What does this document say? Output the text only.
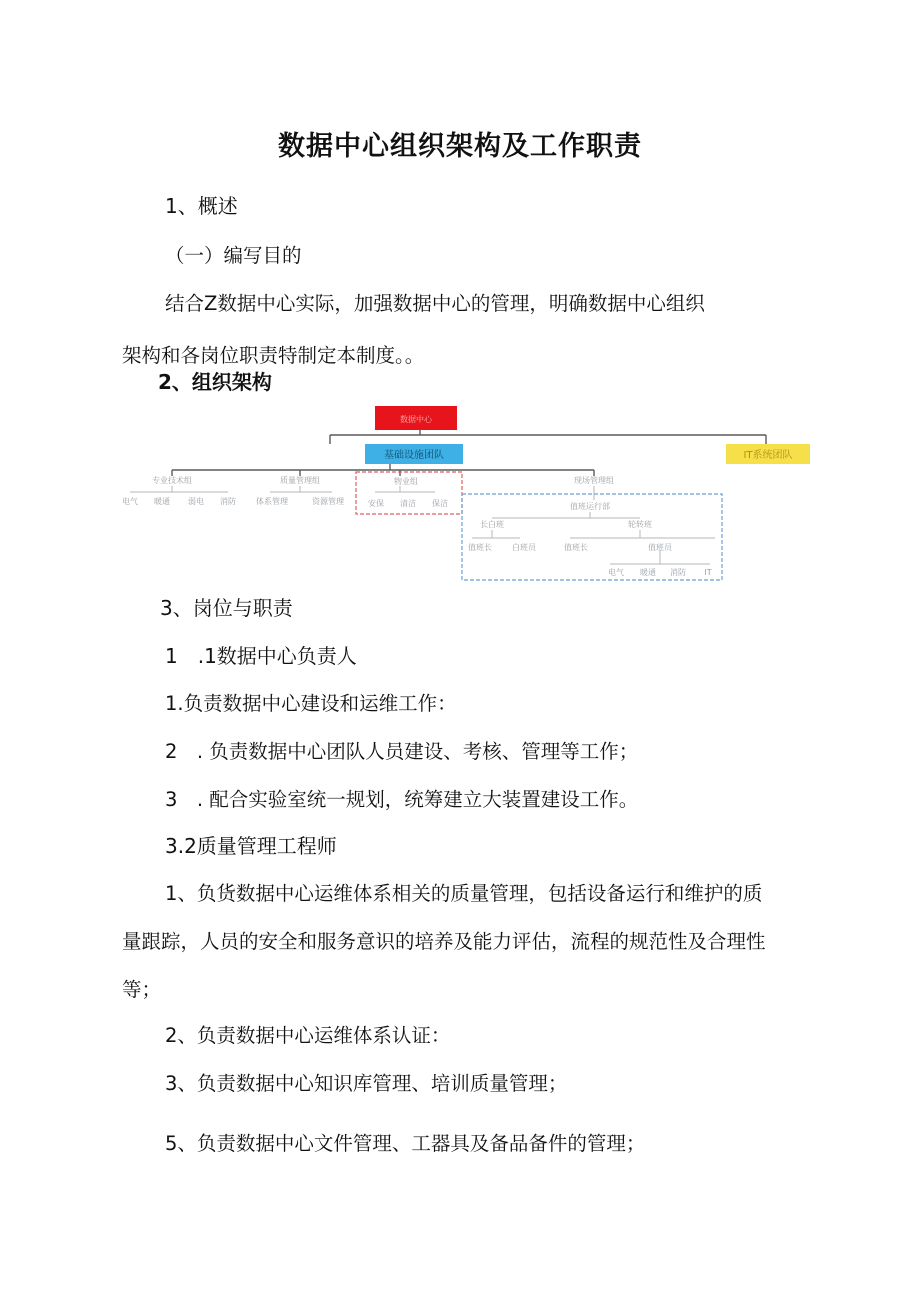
数据中心组织架构及工作职责
1、概述
（一）编写目的
结合Z数据中心实际，加强数据中心的管理，明确数据中心组织
架构和各岗位职责特制定本制度。。
2、组织架构
数据中心
基础设施团队	IT系统团队
专业技术组	质量管理组	物业组	现场管理组
电气 暖通 弱电 消防	体系管理	资源管理	安保 清洁 保洁	值班运行部
长白班	轮转班
值班长	白班员	值班长	值班员
电气 暖通 消防 IT
3、岗位与职责
1　.1数据中心负责人
1.负责数据中心建设和运维工作：
2　. 负责数据中心团队人员建设、考核、管理等工作；
3　. 配合实验室统一规划，统筹建立大装置建设工作。
3.2质量管理工程师
1、负货数据中心运维体系相关的质量管理，包括设备运行和维护的质
量跟踪，人员的安全和服务意识的培养及能力评估，流程的规范性及合理性
等；
2、负责数据中心运维体系认证：
3、负责数据中心知识库管理、培训质量管理；
5、负责数据中心文件管理、工器具及备品备件的管理；
